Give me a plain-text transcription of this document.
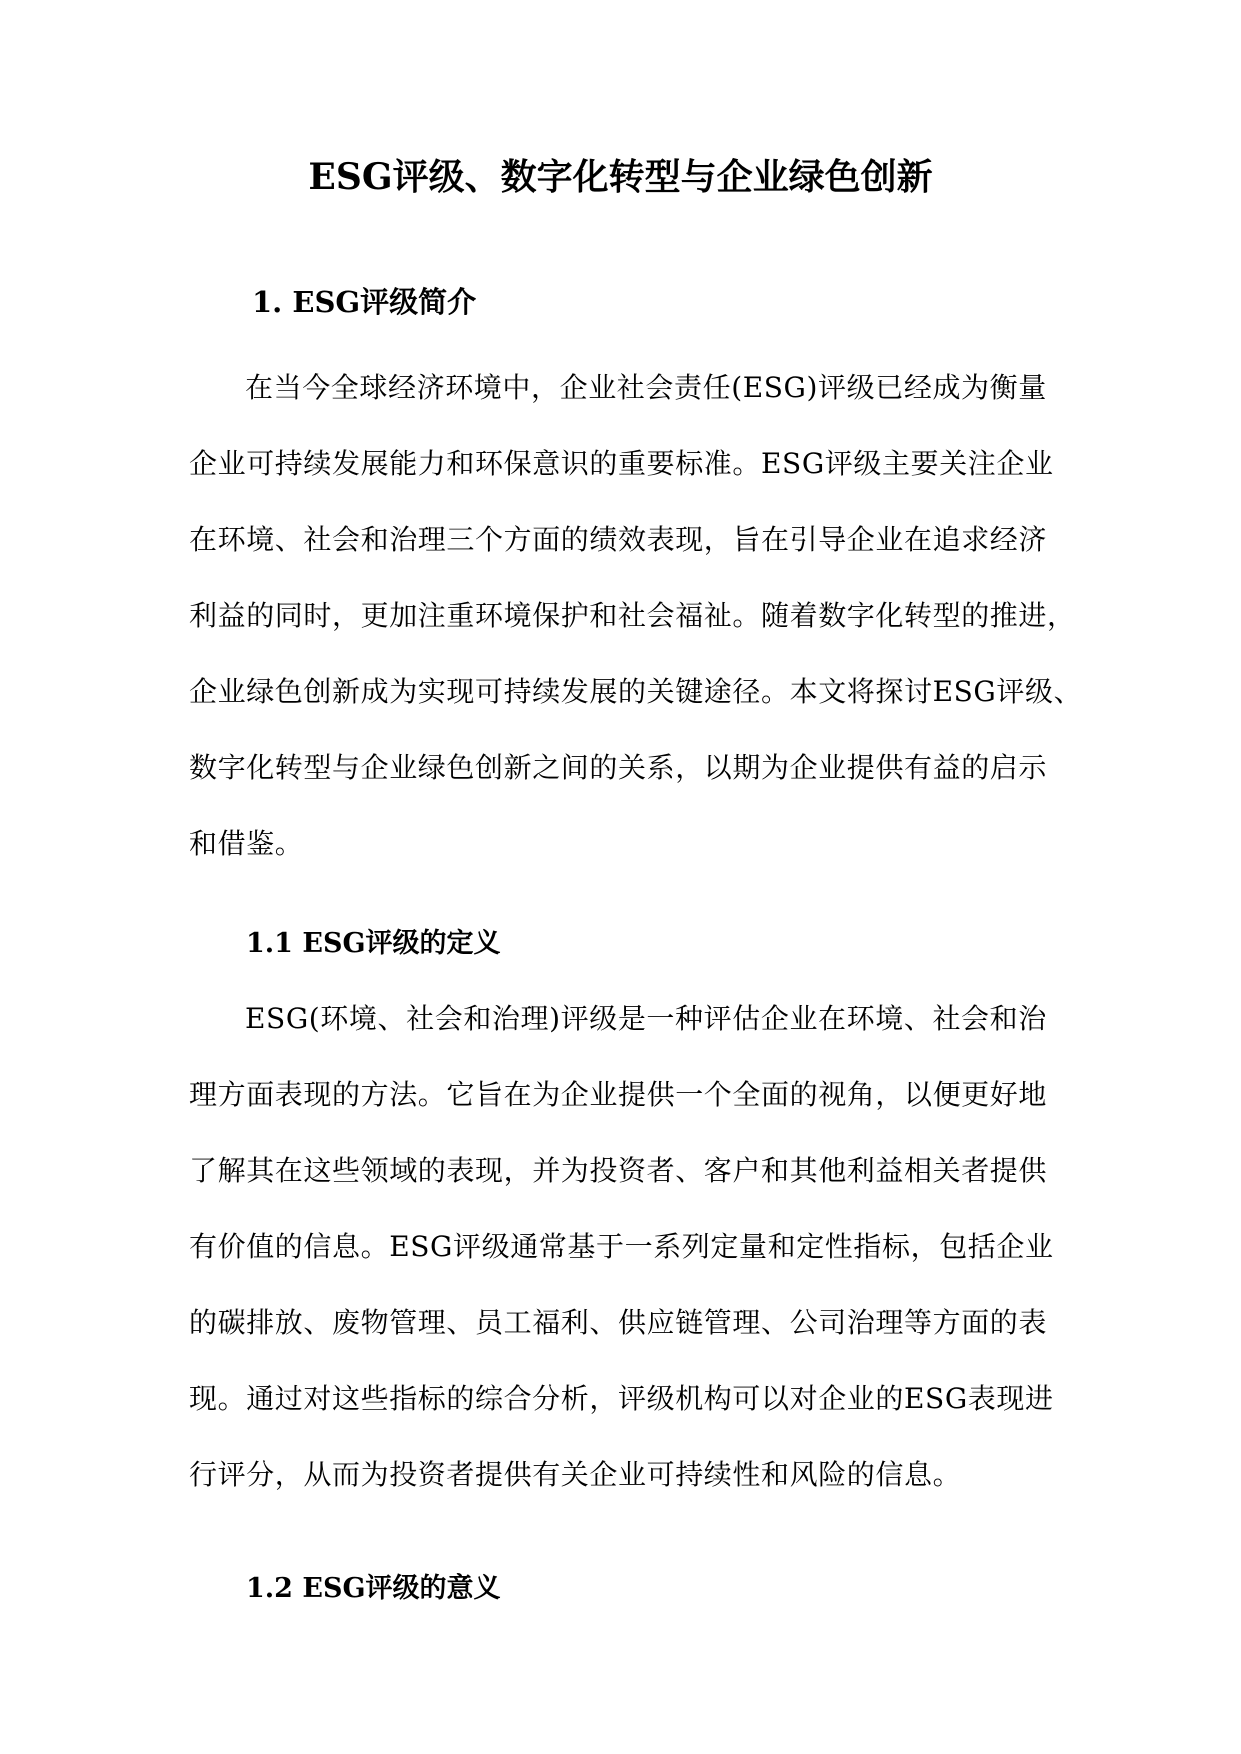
ESG评级、数字化转型与企业绿色创新
1. ESG评级简介
在当今全球经济环境中，企业社会责任(ESG)评级已经成为衡量
企业可持续发展能力和环保意识的重要标准。ESG评级主要关注企业
在环境、社会和治理三个方面的绩效表现，旨在引导企业在追求经济
利益的同时，更加注重环境保护和社会福祉。随着数字化转型的推进，
企业绿色创新成为实现可持续发展的关键途径。本文将探讨ESG评级、
数字化转型与企业绿色创新之间的关系，以期为企业提供有益的启示
和借鉴。
1.1 ESG评级的定义
ESG(环境、社会和治理)评级是一种评估企业在环境、社会和治
理方面表现的方法。它旨在为企业提供一个全面的视角，以便更好地
了解其在这些领域的表现，并为投资者、客户和其他利益相关者提供
有价值的信息。ESG评级通常基于一系列定量和定性指标，包括企业
的碳排放、废物管理、员工福利、供应链管理、公司治理等方面的表
现。通过对这些指标的综合分析，评级机构可以对企业的ESG表现进
行评分，从而为投资者提供有关企业可持续性和风险的信息。
1.2 ESG评级的意义
